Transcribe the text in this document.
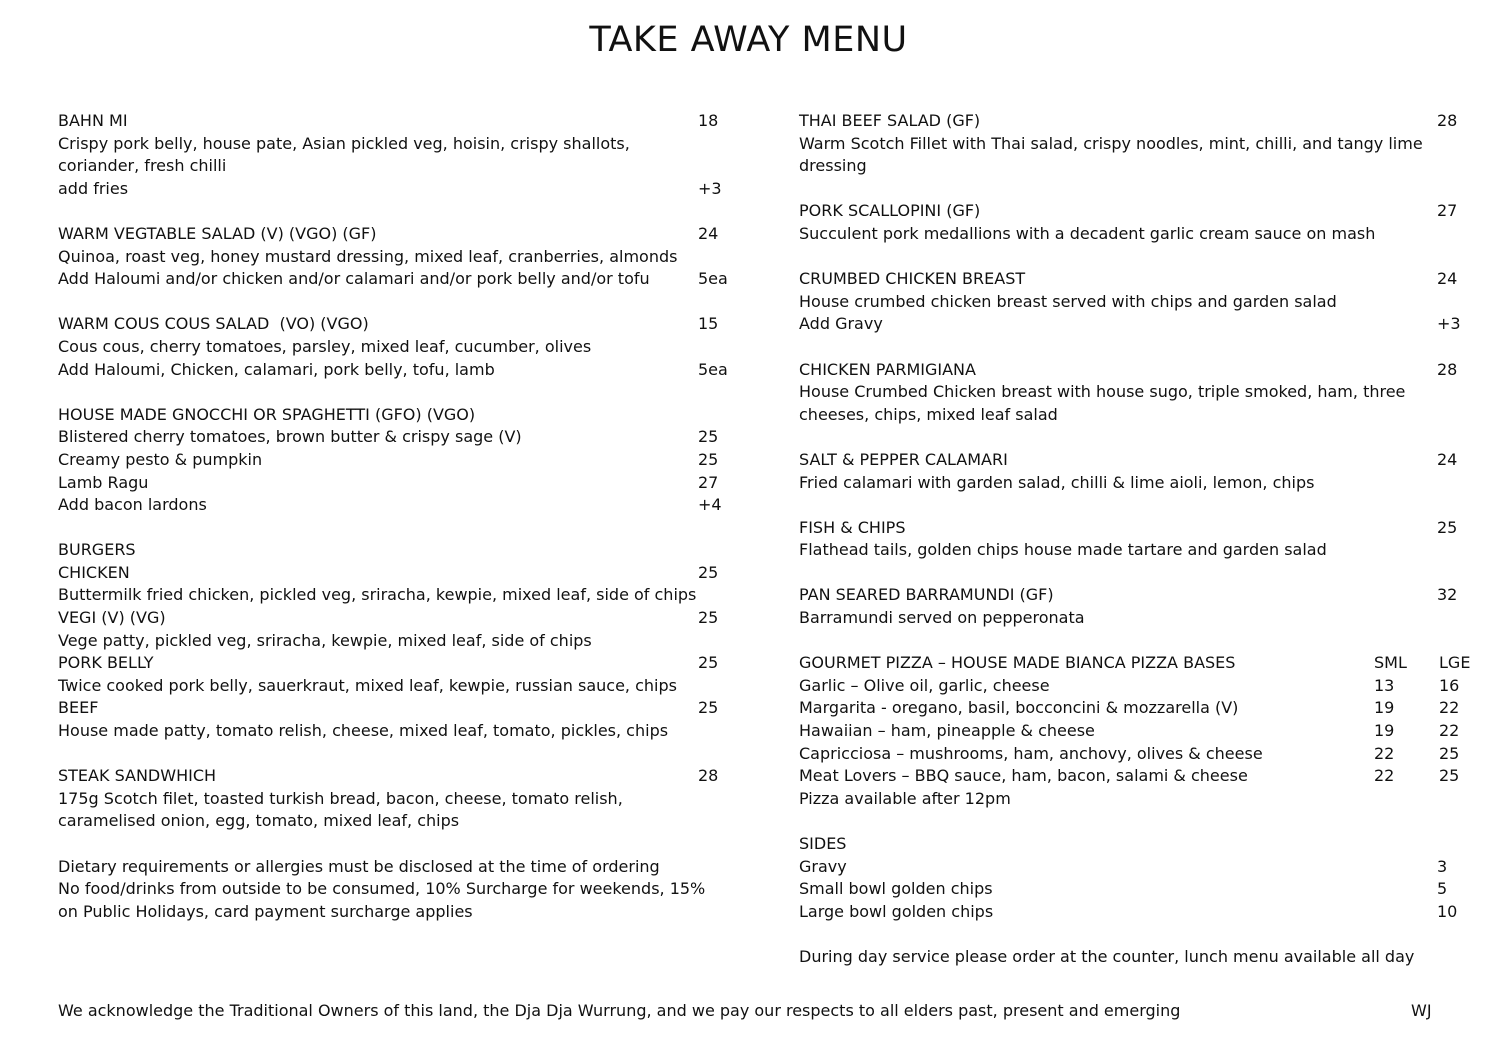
TAKE AWAY MENU
BAHN MI	18
Crispy pork belly, house pate, Asian pickled veg, hoisin, crispy shallots, coriander, fresh chilli
add fries	+3
WARM VEGTABLE SALAD (V) (VGO) (GF)	24
Quinoa, roast veg, honey mustard dressing, mixed leaf, cranberries, almonds
Add Haloumi and/or chicken and/or calamari and/or pork belly and/or tofu	5ea
WARM COUS COUS SALAD  (VO) (VGO)	15
Cous cous, cherry tomatoes, parsley, mixed leaf, cucumber, olives
Add Haloumi, Chicken, calamari, pork belly, tofu, lamb	5ea
HOUSE MADE GNOCCHI OR SPAGHETTI (GFO) (VGO)
Blistered cherry tomatoes, brown butter & crispy sage (V)	25
Creamy pesto & pumpkin	25
Lamb Ragu	27
Add bacon lardons	+4
BURGERS
CHICKEN	25
Buttermilk fried chicken, pickled veg, sriracha, kewpie, mixed leaf, side of chips
VEGI (V) (VG)	25
Vege patty, pickled veg, sriracha, kewpie, mixed leaf, side of chips
PORK BELLY	25
Twice cooked pork belly, sauerkraut, mixed leaf, kewpie, russian sauce, chips
BEEF	25
House made patty, tomato relish, cheese, mixed leaf, tomato, pickles, chips
STEAK SANDWHICH	28
175g Scotch filet, toasted turkish bread, bacon, cheese, tomato relish, caramelised onion, egg, tomato, mixed leaf, chips
Dietary requirements or allergies must be disclosed at the time of ordering
No food/drinks from outside to be consumed, 10% Surcharge for weekends, 15% on Public Holidays, card payment surcharge applies
THAI BEEF SALAD (GF)	28
Warm Scotch Fillet with Thai salad, crispy noodles, mint, chilli, and tangy lime dressing
PORK SCALLOPINI (GF)	27
Succulent pork medallions with a decadent garlic cream sauce on mash
CRUMBED CHICKEN BREAST	24
House crumbed chicken breast served with chips and garden salad
Add Gravy	+3
CHICKEN PARMIGIANA	28
House Crumbed Chicken breast with house sugo, triple smoked, ham, three cheeses, chips, mixed leaf salad
SALT & PEPPER CALAMARI	24
Fried calamari with garden salad, chilli & lime aioli, lemon, chips
FISH & CHIPS	25
Flathead tails, golden chips house made tartare and garden salad
PAN SEARED BARRAMUNDI (GF)	32
Barramundi served on pepperonata
GOURMET PIZZA – HOUSE MADE BIANCA PIZZA BASES	SML LGE
Garlic – Olive oil, garlic, cheese	13	16
Margarita - oregano, basil, bocconcini & mozzarella (V)	19	22
Hawaiian – ham, pineapple & cheese	19	22
Capricciosa – mushrooms, ham, anchovy, olives & cheese	22	25
Meat Lovers – BBQ sauce, ham, bacon, salami & cheese	22	25
Pizza available after 12pm
SIDES
Gravy	3
Small bowl golden chips	5
Large bowl golden chips	10
During day service please order at the counter, lunch menu available all day
We acknowledge the Traditional Owners of this land, the Dja Dja Wurrung, and we pay our respects to all elders past, present and emerging	WJ
